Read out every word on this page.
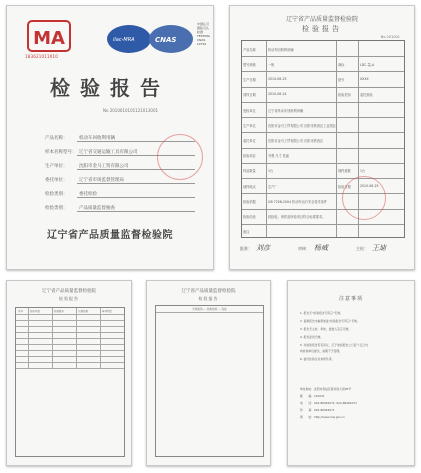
MA
183621011010
ilac-MRA	CNAS
中国认可
国际互认
检测
TESTING
CNAS L0792
检验报告
No 2010010101121013001
产品名称：	机动车回收利用辆
样本名称型号： 辽宁省交通运输工具有限公司
生产单位：	沈阳市金马工贸有限公司
委托单位：	辽宁省市场监督管理局
检验类别：	委托检验
检验类别：	产品质量监督抽查
辽宁省产品质量监督检验院
辽宁省产品质量监督检验院
检验报告
No 201001
产品名称	机动车回收利用辆
型号规格	一般	商标	LDC-量-A
生产日期	2010-06-25	批号	XXXX
到样日期	2010-06-24	检验类别	委托检验
受检单位	辽宁省机动车回收利用辆
生产单位	沈阳市金马工贸有限公司 沈阳市铁西区工业园区
委托单位	沈阳市金马工贸有限公司 沈阳市铁西区
检验项目	外观 尺寸 性能
样品数量	1台	抽样基数	1台
抽样地点	生产厂	检验日期	2010-06-25
检验依据	GB 7258-2004 机动车运行安全技术条件
检验结论	经检验，该样品所检项目符合标准要求。
备注
批准： 刘彦	审核： 杨威	主检： 王迪
辽宁省产品质量监督检验院
检验报告
序号	检验项目	标准要求	实测结果	单项判定
辽宁省产品质量监督检验院
检验报告
外观检验 — 结构检验 — 性能
注意事项
1. 报告无“检验报告专用章”无效。
2. 复制报告未重新加盖“检验报告专用章”无效。
3. 报告无主检、审核、批准人签章无效。
4. 报告涂改无效。
5. 对检验报告若有异议，应于收到报告之日起十五日内
向检验单位提出，逾期不予受理。
6. 委托检验仅对来样负责。
单位地址：沈阳市皇姑区黄河南大街95号
邮　　编：110031
电　　话：024-86462072, 024-86462071
传　　真：024-86462071
网　　址：http://www.lnzj.gov.cn
